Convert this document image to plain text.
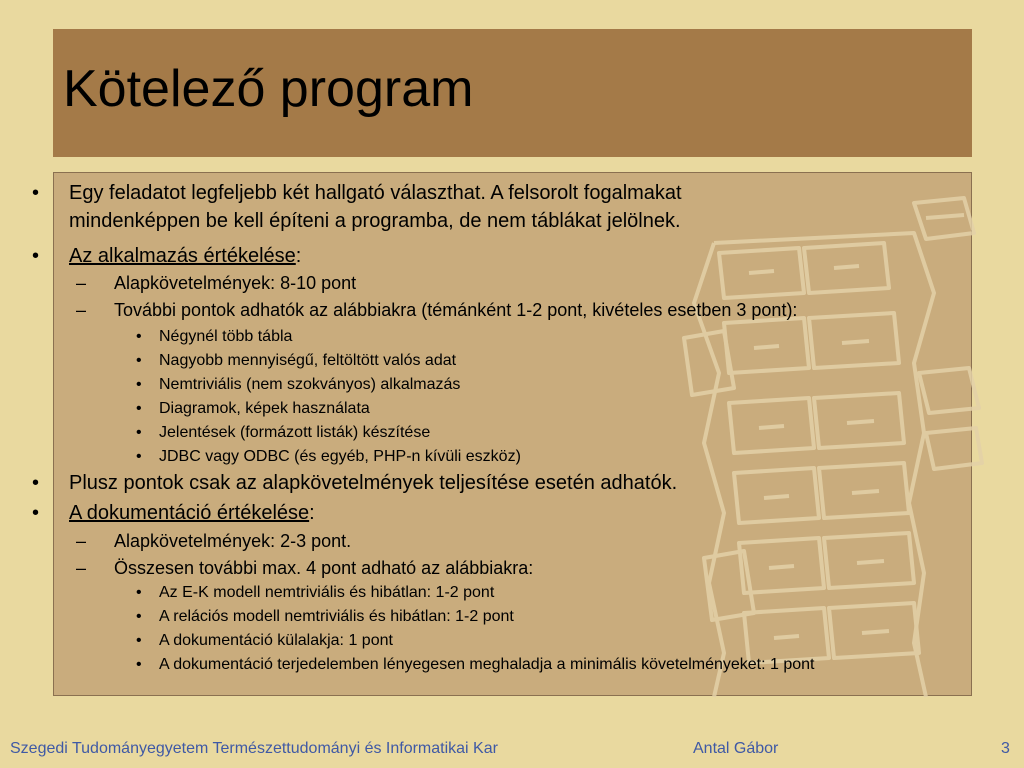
Kötelező program
• Egy feladatot legfeljebb két hallgató választhat. A felsorolt fogalmakat
mindenképpen be kell építeni a programba, de nem táblákat jelölnek.
• Az alkalmazás értékelése:
– Alapkövetelmények: 8-10 pont
– További pontok adhatók az alábbiakra (témánként 1-2 pont, kivételes esetben 3 pont):
• Négynél több tábla
• Nagyobb mennyiségű, feltöltött valós adat
• Nemtriviális (nem szokványos) alkalmazás
• Diagramok, képek használata
• Jelentések (formázott listák) készítése
• JDBC vagy ODBC (és egyéb, PHP-n kívüli eszköz)
• Plusz pontok csak az alapkövetelmények teljesítése esetén adhatók.
• A dokumentáció értékelése:
– Alapkövetelmények: 2-3 pont.
– Összesen további max. 4 pont adható az alábbiakra:
• Az E-K modell nemtriviális és hibátlan: 1-2 pont
• A relációs modell nemtriviális és hibátlan: 1-2 pont
• A dokumentáció külalakja: 1 pont
• A dokumentáció terjedelemben lényegesen meghaladja a minimális követelményeket: 1 pont
Szegedi Tudományegyetem Természettudományi és Informatikai Kar	Antal Gábor	3
